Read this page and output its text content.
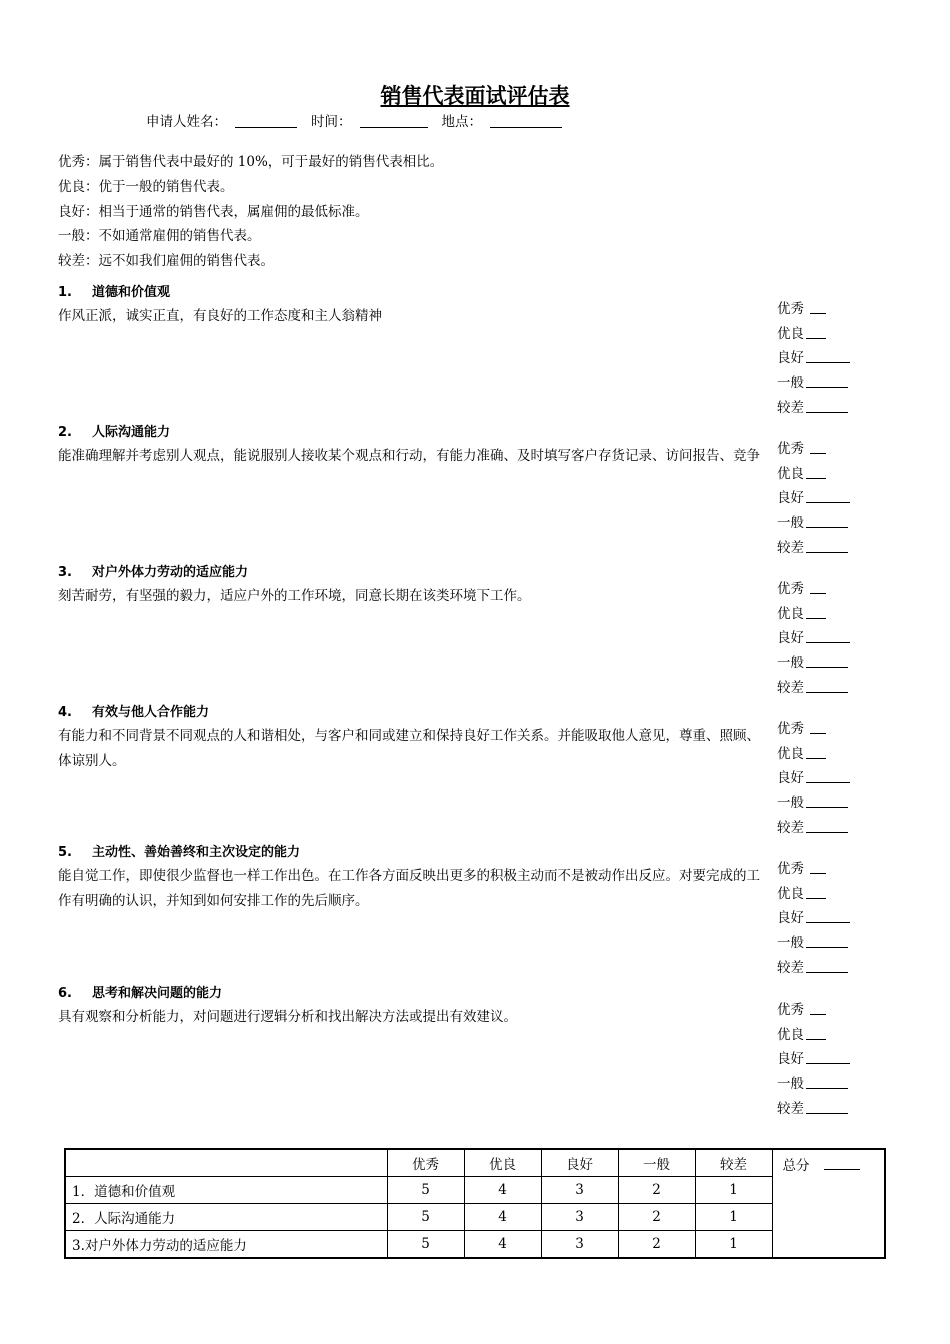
销售代表面试评估表
申请人姓名：	时间：	地点：
优秀：属于销售代表中最好的 10%，可于最好的销售代表相比。
优良：优于一般的销售代表。
良好：相当于通常的销售代表，属雇佣的最低标准。
一般：不如通常雇佣的销售代表。
较差：远不如我们雇佣的销售代表。
1. 道德和价值观
作风正派，诚实正直，有良好的工作态度和主人翁精神	优秀
优良
良好
一般
较差
2. 人际沟通能力
能准确理解并考虑别人观点，能说服别人接收某个观点和行动，有能力准确、及时填写客户存货记录、访问报告、竞争	优秀
优良
良好
一般
较差
3. 对户外体力劳动的适应能力
刻苦耐劳，有坚强的毅力，适应户外的工作环境，同意长期在该类环境下工作。	优秀
优良
良好
一般
较差
4. 有效与他人合作能力
有能力和不同背景不同观点的人和谐相处，与客户和同或建立和保持良好工作关系。并能吸取他人意见，尊重、照顾、体谅别人。
优秀
优良
良好
一般
较差
5. 主动性、善始善终和主次设定的能力
能自觉工作，即使很少监督也一样工作出色。在工作各方面反映出更多的积极主动而不是被动作出反应。对要完成的工作有明确的认识，并知到如何安排工作的先后顺序。
优秀
优良
良好
一般
较差
6. 思考和解决问题的能力
具有观察和分析能力，对问题进行逻辑分析和找出解决方法或提出有效建议。	优秀
优良
良好
一般
较差
	优秀	优良	良好	一般	较差	总分
1．道德和价值观	5	4	3	2	1	
2．人际沟通能力	5	4	3	2	1	
3.对户外体力劳动的适应能力	5	4	3	2	1	
